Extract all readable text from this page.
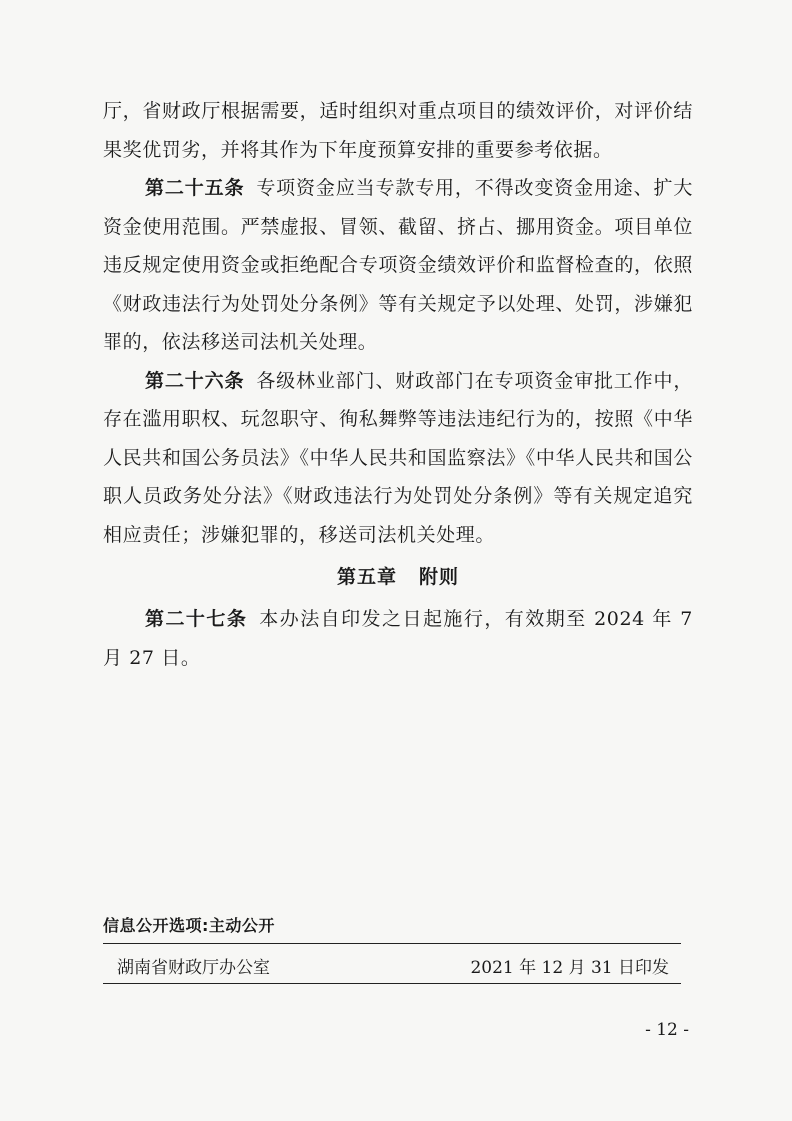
厅，省财政厅根据需要，适时组织对重点项目的绩效评价，对评价结果奖优罚劣，并将其作为下年度预算安排的重要参考依据。

第二十五条 专项资金应当专款专用，不得改变资金用途、扩大资金使用范围。严禁虚报、冒领、截留、挤占、挪用资金。项目单位违反规定使用资金或拒绝配合专项资金绩效评价和监督检查的，依照《财政违法行为处罚处分条例》等有关规定予以处理、处罚，涉嫌犯罪的，依法移送司法机关处理。

第二十六条 各级林业部门、财政部门在专项资金审批工作中，存在滥用职权、玩忽职守、徇私舞弊等违法违纪行为的，按照《中华人民共和国公务员法》《中华人民共和国监察法》《中华人民共和国公职人员政务处分法》《财政违法行为处罚处分条例》等有关规定追究相应责任；涉嫌犯罪的，移送司法机关处理。

第五章 附则

第二十七条 本办法自印发之日起施行，有效期至 2024 年 7 月 27 日。

信息公开选项:主动公开
湖南省财政厅办公室	2021 年 12 月 31 日印发
- 12 -
